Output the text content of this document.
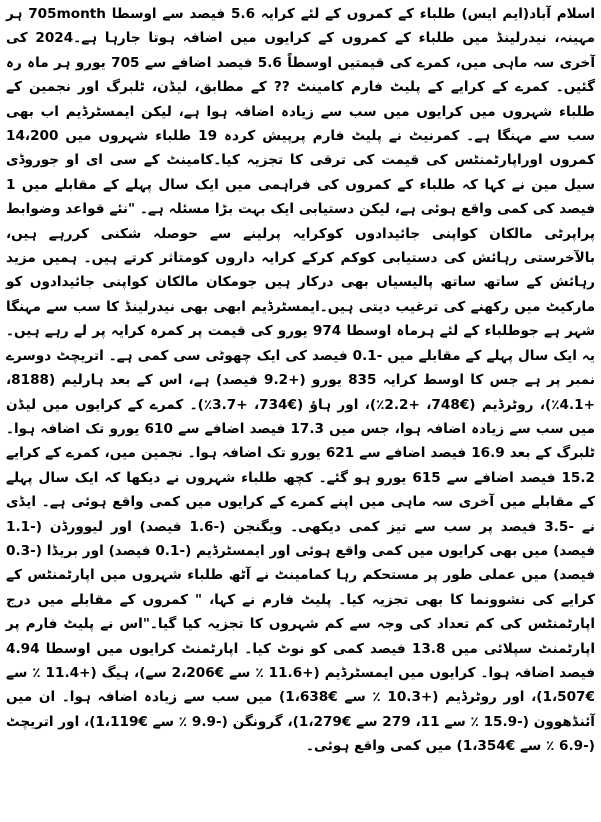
اسلام آباد(ایم ایس) طلباء کے کمروں کے لئے کرایہ 5.6 فیصد سے اوسطا 705month ہر مہینہ، نیدرلینڈ میں طلباء کے کمروں کے کرایوں میں اضافہ ہوتا جارہا ہے۔2024 کی آخری سہ ماہی میں، کمرے کی قیمتیں اوسطاً 5.6 فیصد اضافے سے 705 یورو ہر ماہ رہ گئیں۔ کمرے کے کرایے کے پلیٹ فارم کامینٹ ?? کے مطابق، لیڈن، ٹلبرگ اور نجمین کے طلباء شہروں میں کرایوں میں سب سے زیادہ اضافہ ہوا ہے، لیکن ایمسٹرڈیم اب بھی سب سے مہنگا ہے۔ کمرنیٹ نے پلیٹ فارم پرپیش کردہ 19 طلباء شہروں میں 14،200 کمروں اوراپارٹمنٹس کی قیمت کی ترقی کا تجزیہ کیا۔کامینٹ کے سی ای او جوروڈی سیل مین نے کہا کہ طلباء کے کمروں کی فراہمی میں ایک سال پہلے کے مقابلے میں 1 فیصد کی کمی واقع ہوئی ہے، لیکن دستیابی ایک بہت بڑا مسئلہ ہے۔ "نئے قواعد وضوابط پراپرٹی مالکان کواپنی جائیدادوں کوکرایہ پرلینے سے حوصلہ شکنی کررہے ہیں، بالآخرستی رہائش کی دستیابی کوکم کرکے کرایہ داروں کومتاثر کرتے ہیں۔ ہمیں مزید رہائش کے ساتھ ساتھ پالیسیاں بھی درکار ہیں جومکان مالکان کواپنی جائیدادوں کو مارکیٹ میں رکھنے کی ترغیب دیتی ہیں۔ایمسٹرڈیم ابھی بھی نیدرلینڈ کا سب سے مہنگا شہر ہے جوطلباء کے لئے ہرماہ اوسطا 974 یورو کی قیمت پر کمرہ کرایہ پر لے رہے ہیں۔ یہ ایک سال پہلے کے مقابلے میں -0.1 فیصد کی ایک چھوٹی سی کمی ہے۔ اتریچٹ دوسرے نمبر پر ہے جس کا اوسط کرایہ 835 یورو (+9.2 فیصد) ہے، اس کے بعد ہارلیم (8188، +4.1٪)، روٹرڈیم (€748، +2.2٪)، اور ہاؤ (€734، +3.7٪)۔ کمرے کے کرایوں میں لیڈن میں سب سے زیادہ اضافہ ہوا، جس میں 17.3 فیصد اضافے سے 610 یورو تک اضافہ ہوا۔ ٹلبرگ کے بعد 16.9 فیصد اضافے سے 621 یورو تک اضافہ ہوا۔ نجمین میں، کمرے کے کرایے 15.2 فیصد اضافے سے 615 یورو ہو گئے۔ کچھ طلباء شہروں نے دیکھا کہ ایک سال پہلے کے مقابلے میں آخری سہ ماہی میں اپنے کمرے کے کرایوں میں کمی واقع ہوئی ہے۔ ایڈی نے -3.5 فیصد پر سب سے تیز کمی دیکھی۔ ویگنجن (-1.6 فیصد) اور لیوورڈن (-1.1 فیصد) میں بھی کرایوں میں کمی واقع ہوئی اور ایمسٹرڈیم (-0.1 فیصد) اور بریڈا (-0.3 فیصد) میں عملی طور پر مستحکم رہا کمامینٹ نے آٹھ طلباء شہروں میں اپارٹمنٹس کے کرایے کی نشوونما کا بھی تجزیہ کیا۔ پلیٹ فارم نے کہا، " کمروں کے مقابلے میں درج اپارٹمنٹس کی کم تعداد کی وجہ سے کم شہروں کا تجزیہ کیا گیا۔"اس نے پلیٹ فارم پر اپارٹمنٹ سپلائی میں 13.8 فیصد کمی کو نوٹ کیا۔ اپارٹمنٹ کرایوں میں اوسطا 4.94 فیصد اضافہ ہوا۔ کرایوں میں ایمسٹرڈیم (+11.6 ٪ سے €2،206 سے)، ہیگ (+11.4 ٪ سے €1،507)، اور روٹرڈیم (+10.3 ٪ سے €1،638) میں سب سے زیادہ اضافہ ہوا۔ ان میں آئنڈھوون (-15.9 ٪ سے 11، 279 سے €1،279)، گرونگن (-9.9 ٪ سے €1،119)، اور اتریچٹ (-6.9 ٪ سے €1،354) میں کمی واقع ہوئی۔
